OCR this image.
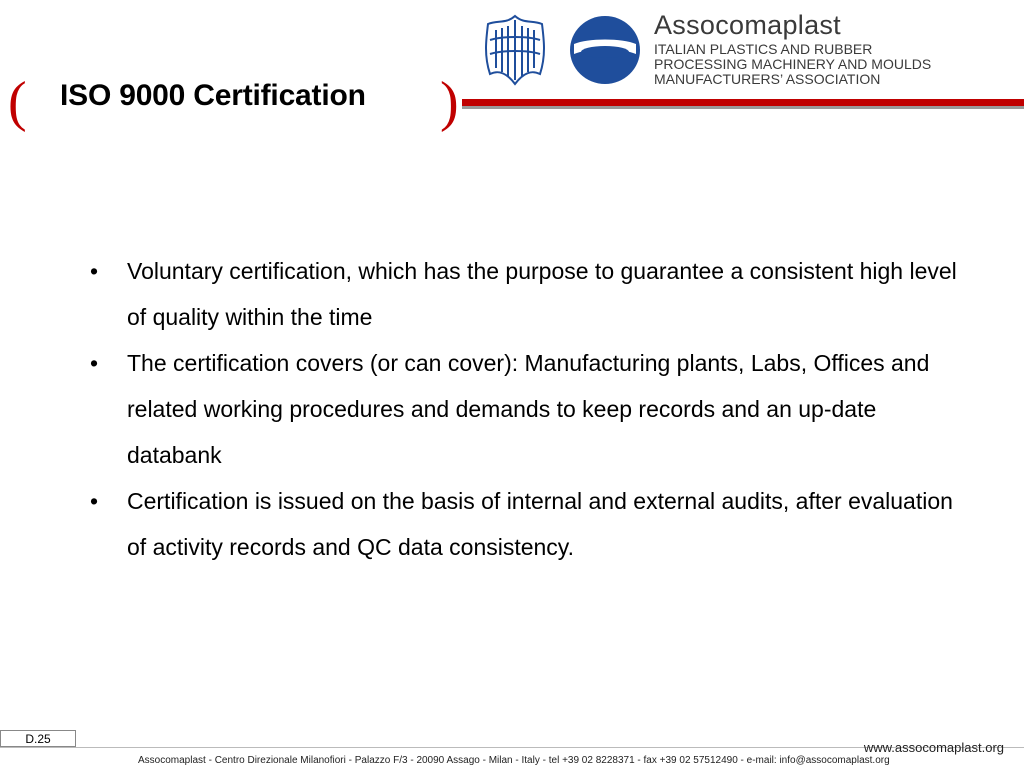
( ISO 9000 Certification )
Assocomaplast
ITALIAN PLASTICS AND RUBBER
PROCESSING MACHINERY AND MOULDS
MANUFACTURERS’ ASSOCIATION
• Voluntary certification, which has the purpose to guarantee a consistent high level of quality within the time
• The certification covers (or can cover): Manufacturing plants, Labs, Offices and related working procedures and demands to keep records and an up-date databank
• Certification is issued on the basis of internal and external audits, after evaluation of activity records and QC data consistency.
D.25
www.assocomaplast.org
Assocomaplast - Centro Direzionale Milanofiori - Palazzo F/3 - 20090 Assago - Milan - Italy - tel +39 02 8228371 - fax +39 02 57512490 - e-mail: info@assocomaplast.org
